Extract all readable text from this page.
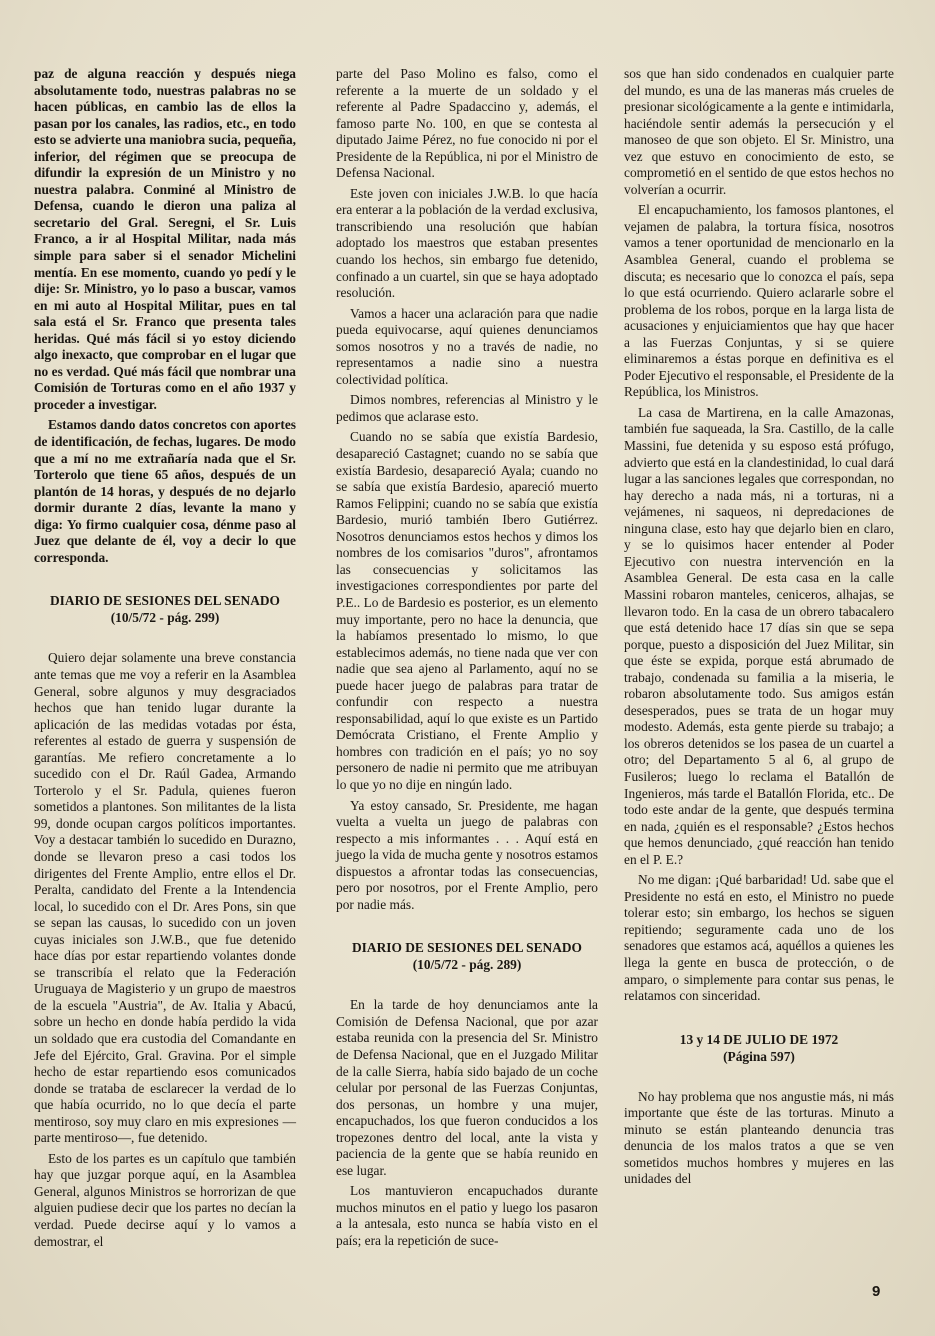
paz de alguna reacción y después niega absolutamente todo, nuestras palabras no se hacen públicas, en cambio las de ellos la pasan por los canales, las radios, etc., en todo esto se advierte una maniobra sucia, pequeña, inferior, del régimen que se preocupa de difundir la expresión de un Ministro y no nuestra palabra. Conminé al Ministro de Defensa, cuando le dieron una paliza al secretario del Gral. Seregni, el Sr. Luis Franco, a ir al Hospital Militar, nada más simple para saber si el senador Michelini mentía. En ese momento, cuando yo pedí y le dije: Sr. Ministro, yo lo paso a buscar, vamos en mi auto al Hospital Militar, pues en tal sala está el Sr. Franco que presenta tales heridas. Qué más fácil si yo estoy diciendo algo inexacto, que comprobar en el lugar que no es verdad. Qué más fácil que nombrar una Comisión de Torturas como en el año 1937 y proceder a investigar.

Estamos dando datos concretos con aportes de identificación, de fechas, lugares. De modo que a mí no me extrañaría nada que el Sr. Torterolo que tiene 65 años, después de un plantón de 14 horas, y después de no dejarlo dormir durante 2 días, levante la mano y diga: Yo firmo cualquier cosa, dénme paso al Juez que delante de él, voy a decir lo que corresponda.

DIARIO DE SESIONES DEL SENADO
(10/5/72 - pág. 299)

Quiero dejar solamente una breve constancia ante temas que me voy a referir en la Asamblea General, sobre algunos y muy desgraciados hechos que han tenido lugar durante la aplicación de las medidas votadas por ésta, referentes al estado de guerra y suspensión de garantías. Me refiero concretamente a lo sucedido con el Dr. Raúl Gadea, Armando Torterolo y el Sr. Padula, quienes fueron sometidos a plantones. Son militantes de la lista 99, donde ocupan cargos políticos importantes. Voy a destacar también lo sucedido en Durazno, donde se llevaron preso a casi todos los dirigentes del Frente Amplio, entre ellos el Dr. Peralta, candidato del Frente a la Intendencia local, lo sucedido con el Dr. Ares Pons, sin que se sepan las causas, lo sucedido con un joven cuyas iniciales son J.W.B., que fue detenido hace días por estar repartiendo volantes donde se transcribía el relato que la Federación Uruguaya de Magisterio y un grupo de maestros de la escuela "Austria", de Av. Italia y Abacú, sobre un hecho en donde había perdido la vida un soldado que era custodia del Comandante en Jefe del Ejército, Gral. Gravina. Por el simple hecho de estar repartiendo esos comunicados donde se trataba de esclarecer la verdad de lo que había ocurrido, no lo que decía el parte mentiroso, soy muy claro en mis expresiones —parte mentiroso—, fue detenido.

Esto de los partes es un capítulo que también hay que juzgar porque aquí, en la Asamblea General, algunos Ministros se horrorizan de que alguien pudiese decir que los partes no decían la verdad. Puede decirse aquí y lo vamos a demostrar, el

parte del Paso Molino es falso, como el referente a la muerte de un soldado y el referente al Padre Spadaccino y, además, el famoso parte No. 100, en que se contesta al diputado Jaime Pérez, no fue conocido ni por el Presidente de la República, ni por el Ministro de Defensa Nacional.

Este joven con iniciales J.W.B. lo que hacía era enterar a la población de la verdad exclusiva, transcribiendo una resolución que habían adoptado los maestros que estaban presentes cuando los hechos, sin embargo fue detenido, confinado a un cuartel, sin que se haya adoptado resolución.

Vamos a hacer una aclaración para que nadie pueda equivocarse, aquí quienes denunciamos somos nosotros y no a través de nadie, no representamos a nadie sino a nuestra colectividad política.

Dimos nombres, referencias al Ministro y le pedimos que aclarase esto.

Cuando no se sabía que existía Bardesio, desapareció Castagnet; cuando no se sabía que existía Bardesio, desapareció Ayala; cuando no se sabía que existía Bardesio, apareció muerto Ramos Felippini; cuando no se sabía que existía Bardesio, murió también Ibero Gutiérrez. Nosotros denunciamos estos hechos y dimos los nombres de los comisarios "duros", afrontamos las consecuencias y solicitamos las investigaciones correspondientes por parte del P.E.. Lo de Bardesio es posterior, es un elemento muy importante, pero no hace la denuncia, que la habíamos presentado lo mismo, lo que establecimos además, no tiene nada que ver con nadie que sea ajeno al Parlamento, aquí no se puede hacer juego de palabras para tratar de confundir con respecto a nuestra responsabilidad, aquí lo que existe es un Partido Demócrata Cristiano, el Frente Amplio y hombres con tradición en el país; yo no soy personero de nadie ni permito que me atribuyan lo que yo no dije en ningún lado.

Ya estoy cansado, Sr. Presidente, me hagan vuelta a vuelta un juego de palabras con respecto a mis informantes . . . Aquí está en juego la vida de mucha gente y nosotros estamos dispuestos a afrontar todas las consecuencias, pero por nosotros, por el Frente Amplio, pero por nadie más.

DIARIO DE SESIONES DEL SENADO
(10/5/72 - pág. 289)

En la tarde de hoy denunciamos ante la Comisión de Defensa Nacional, que por azar estaba reunida con la presencia del Sr. Ministro de Defensa Nacional, que en el Juzgado Militar de la calle Sierra, había sido bajado de un coche celular por personal de las Fuerzas Conjuntas, dos personas, un hombre y una mujer, encapuchados, los que fueron conducidos a los tropezones dentro del local, ante la vista y paciencia de la gente que se había reunido en ese lugar.

Los mantuvieron encapuchados durante muchos minutos en el patio y luego los pasaron a la antesala, esto nunca se había visto en el país; era la repetición de suce-

sos que han sido condenados en cualquier parte del mundo, es una de las maneras más crueles de presionar sicológicamente a la gente e intimidarla, haciéndole sentir además la persecución y el manoseo de que son objeto. El Sr. Ministro, una vez que estuvo en conocimiento de esto, se comprometió en el sentido de que estos hechos no volverían a ocurrir.

El encapuchamiento, los famosos plantones, el vejamen de palabra, la tortura física, nosotros vamos a tener oportunidad de mencionarlo en la Asamblea General, cuando el problema se discuta; es necesario que lo conozca el país, sepa lo que está ocurriendo. Quiero aclararle sobre el problema de los robos, porque en la larga lista de acusaciones y enjuiciamientos que hay que hacer a las Fuerzas Conjuntas, y si se quiere eliminaremos a éstas porque en definitiva es el Poder Ejecutivo el responsable, el Presidente de la República, los Ministros.

La casa de Martirena, en la calle Amazonas, también fue saqueada, la Sra. Castillo, de la calle Massini, fue detenida y su esposo está prófugo, advierto que está en la clandestinidad, lo cual dará lugar a las sanciones legales que correspondan, no hay derecho a nada más, ni a torturas, ni a vejámenes, ni saqueos, ni depredaciones de ninguna clase, esto hay que dejarlo bien en claro, y se lo quisimos hacer entender al Poder Ejecutivo con nuestra intervención en la Asamblea General. De esta casa en la calle Massini robaron manteles, ceniceros, alhajas, se llevaron todo. En la casa de un obrero tabacalero que está detenido hace 17 días sin que se sepa porque, puesto a disposición del Juez Militar, sin que éste se expida, porque está abrumado de trabajo, condenada su familia a la miseria, le robaron absolutamente todo. Sus amigos están desesperados, pues se trata de un hogar muy modesto. Además, esta gente pierde su trabajo; a los obreros detenidos se los pasea de un cuartel a otro; del Departamento 5 al 6, al grupo de Fusileros; luego lo reclama el Batallón de Ingenieros, más tarde el Batallón Florida, etc.. De todo este andar de la gente, que después termina en nada, ¿quién es el responsable? ¿Estos hechos que hemos denunciado, ¿qué reacción han tenido en el P. E.?

No me digan: ¡Qué barbaridad! Ud. sabe que el Presidente no está en esto, el Ministro no puede tolerar esto; sin embargo, los hechos se siguen repitiendo; seguramente cada uno de los senadores que estamos acá, aquéllos a quienes les llega la gente en busca de protección, o de amparo, o simplemente para contar sus penas, le relatamos con sinceridad.

13 y 14 DE JULIO DE 1972
(Página 597)

No hay problema que nos angustie más, ni más importante que éste de las torturas. Minuto a minuto se están planteando denuncia tras denuncia de los malos tratos a que se ven sometidos muchos hombres y mujeres en las unidades del

9
